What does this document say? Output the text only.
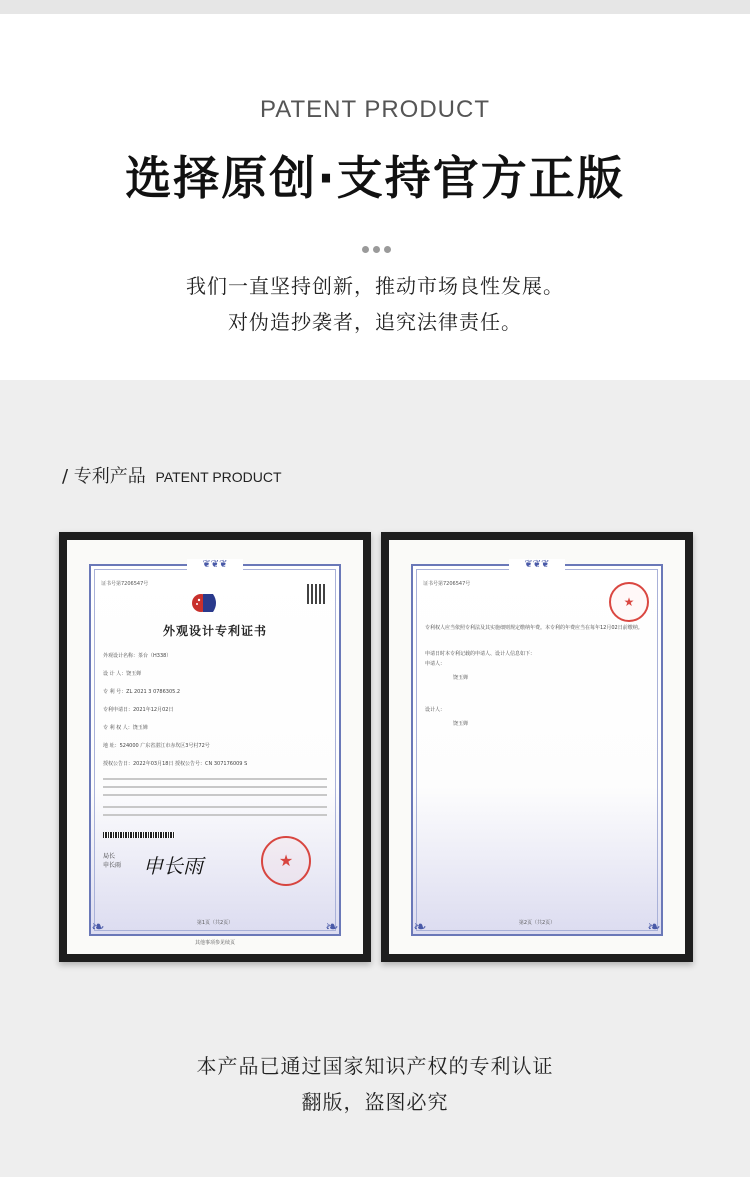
PATENT PRODUCT
选择原创·支持官方正版
我们一直坚持创新，推动市场良性发展。
对伪造抄袭者，追究法律责任。
/ 专利产品 PATENT PRODUCT
❦❦❦
证书号第7206547号
外观设计专利证书
外观设计名称：茶台（H338）
设 计 人：饶玉婵
专 利 号：ZL 2021 3 0786305.2
专利申请日：2021年12月02日
专 利 权 人：饶玉婵
地 址：524000 广东省湛江市赤坎区3号村72号
授权公告日：2022年03月18日 授权公告号：CN 307176009 S
局长
申长雨 申长雨	★
❧	❧
第1页（共2页）
其他事项参见续页
❦❦❦
证书号第7206547号
★
专利权人应当依照专利法及其实施细则规定缴纳年费。本专利的年费应当在每年12月02日前缴纳。
申请日时本专利记载的申请人、设计人信息如下：
申请人：
饶玉婵
设计人：
饶玉婵
❧	❧
第2页（共2页）
本产品已通过国家知识产权的专利认证
翻版，盗图必究
